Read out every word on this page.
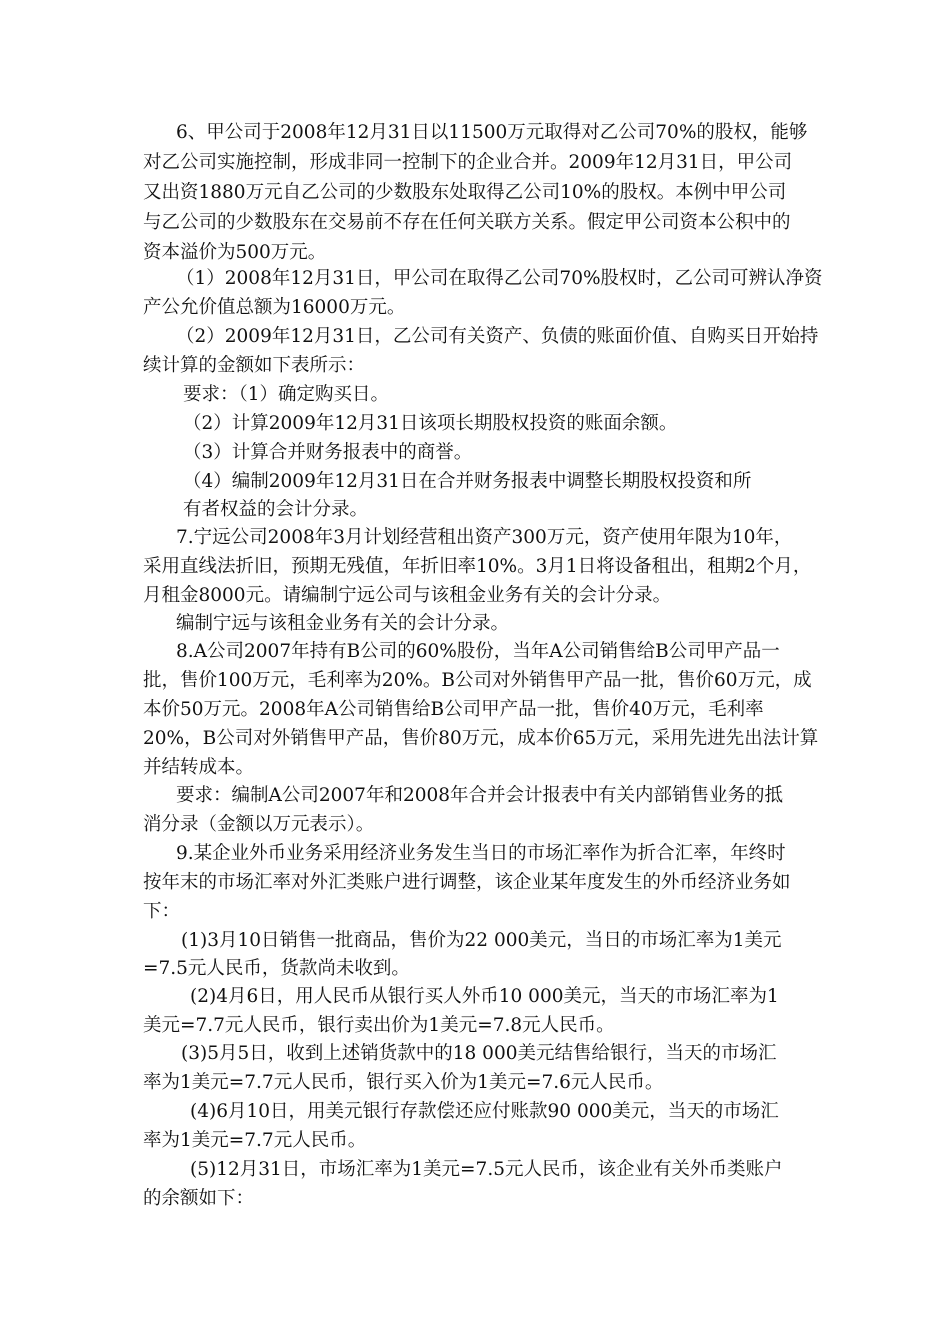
6、甲公司于2008年12月31日以11500万元取得对乙公司70%的股权，能够
对乙公司实施控制，形成非同一控制下的企业合并。2009年12月31日，甲公司
又出资1880万元自乙公司的少数股东处取得乙公司10%的股权。本例中甲公司
与乙公司的少数股东在交易前不存在任何关联方关系。假定甲公司资本公积中的
资本溢价为500万元。
（1）2008年12月31日，甲公司在取得乙公司70%股权时，乙公司可辨认净资
产公允价值总额为16000万元。
（2）2009年12月31日，乙公司有关资产、负债的账面价值、自购买日开始持
续计算的金额如下表所示：
要求：（1）确定购买日。
（2）计算2009年12月31日该项长期股权投资的账面余额。
（3）计算合并财务报表中的商誉。
（4）编制2009年12月31日在合并财务报表中调整长期股权投资和所
有者权益的会计分录。
7.宁远公司2008年3月计划经营租出资产300万元，资产使用年限为10年，
采用直线法折旧，预期无残值，年折旧率10%。3月1日将设备租出，租期2个月，
月租金8000元。请编制宁远公司与该租金业务有关的会计分录。
编制宁远与该租金业务有关的会计分录。
8.A公司2007年持有B公司的60%股份，当年A公司销售给B公司甲产品一
批，售价100万元，毛利率为20%。B公司对外销售甲产品一批，售价60万元，成
本价50万元。2008年A公司销售给B公司甲产品一批，售价40万元，毛利率
20%，B公司对外销售甲产品，售价80万元，成本价65万元，采用先进先出法计算
并结转成本。
要求：编制A公司2007年和2008年合并会计报表中有关内部销售业务的抵
消分录（金额以万元表示）。
9.某企业外币业务采用经济业务发生当日的市场汇率作为折合汇率，年终时
按年末的市场汇率对外汇类账户进行调整，该企业某年度发生的外币经济业务如
下：
(1)3月10日销售一批商品，售价为22 000美元，当日的市场汇率为1美元
=7.5元人民币，货款尚未收到。
(2)4月6日，用人民币从银行买人外币10 000美元，当天的市场汇率为1
美元=7.7元人民币，银行卖出价为1美元=7.8元人民币。
(3)5月5日，收到上述销货款中的18 000美元结售给银行，当天的市场汇
率为1美元=7.7元人民币，银行买入价为1美元=7.6元人民币。
(4)6月10日，用美元银行存款偿还应付账款90 000美元，当天的市场汇
率为1美元=7.7元人民币。
(5)12月31日，市场汇率为1美元=7.5元人民币，该企业有关外币类账户
的余额如下：
